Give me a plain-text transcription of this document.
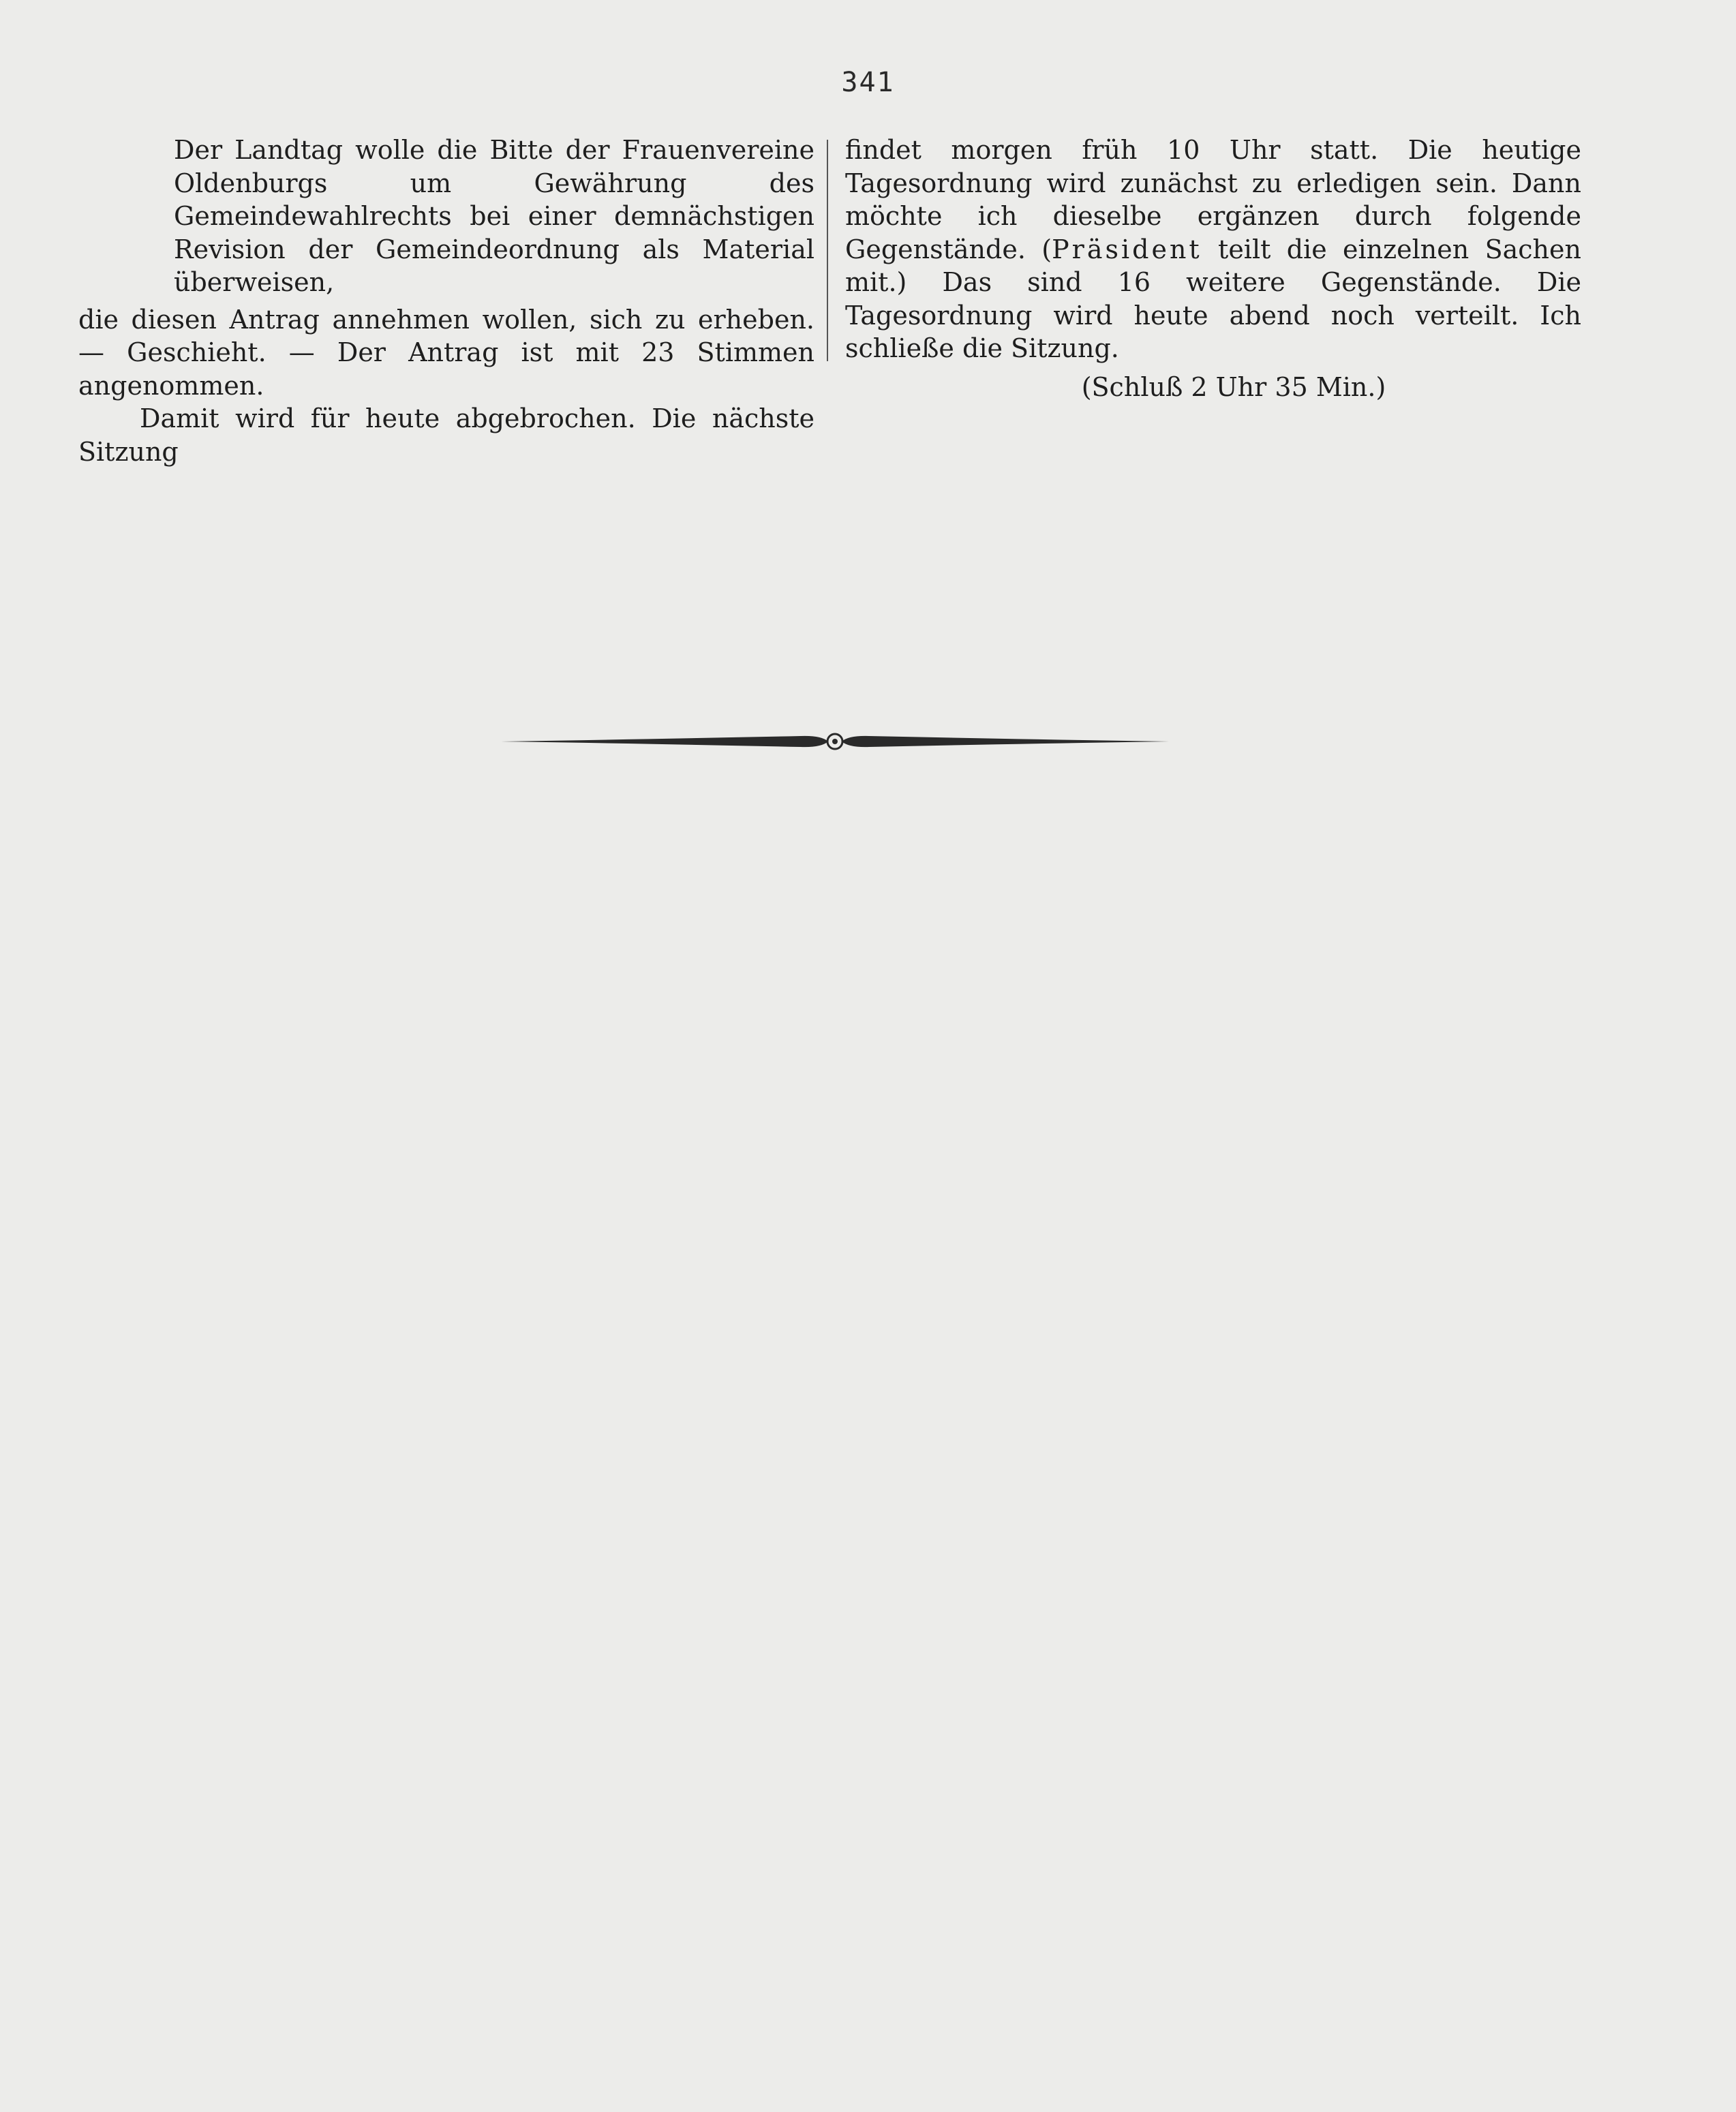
341

Der Landtag wolle die Bitte der Frauenvereine Oldenburgs um Gewährung des Gemeindewahlrechts bei einer demnächstigen Revision der Gemeindeordnung als Material überweisen,

die diesen Antrag annehmen wollen, sich zu erheben. — Geschieht. — Der Antrag ist mit 23 Stimmen angenommen.

Damit wird für heute abgebrochen. Die nächste Sitzung

findet morgen früh 10 Uhr statt. Die heutige Tagesordnung wird zunächst zu erledigen sein. Dann möchte ich dieselbe ergänzen durch folgende Gegenstände. (Präsident teilt die einzelnen Sachen mit.) Das sind 16 weitere Gegenstände. Die Tagesordnung wird heute abend noch verteilt. Ich schließe die Sitzung.

(Schluß 2 Uhr 35 Min.)
